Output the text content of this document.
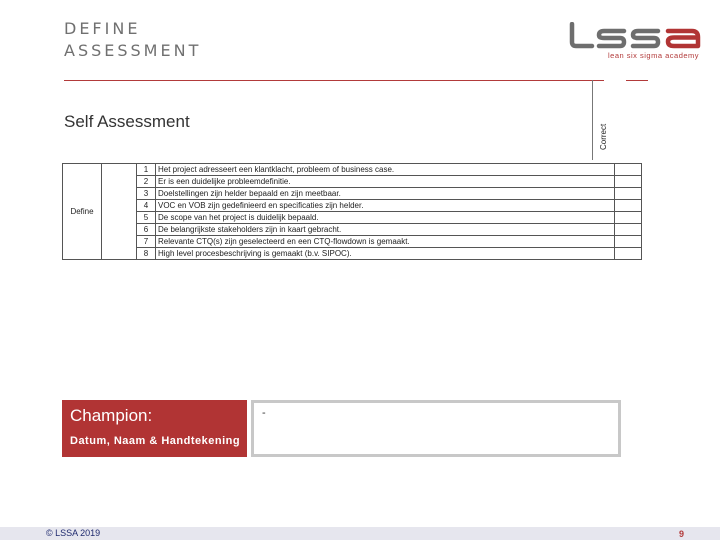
DEFINE
ASSESSMENT	lean six sigma academy
Correct
Self Assessment
Define		1	Het project adresseert een klantklacht, probleem of business case.	
		2	Er is een duidelijke probleemdefinitie.	
		3	Doelstellingen zijn helder bepaald en zijn meetbaar.	
		4	VOC en VOB zijn gedefinieerd en specificaties zijn helder.	
		5	De scope van het project is duidelijk bepaald.	
		6	De belangrijkste stakeholders zijn in kaart gebracht.	
		7	Relevante CTQ(s) zijn geselecteerd en een CTQ-flowdown is gemaakt.	
		8	High level procesbeschrijving is gemaakt (b.v. SIPOC).	
Champion:
Datum, Naam & Handtekening
-
© LSSA 2019	9
